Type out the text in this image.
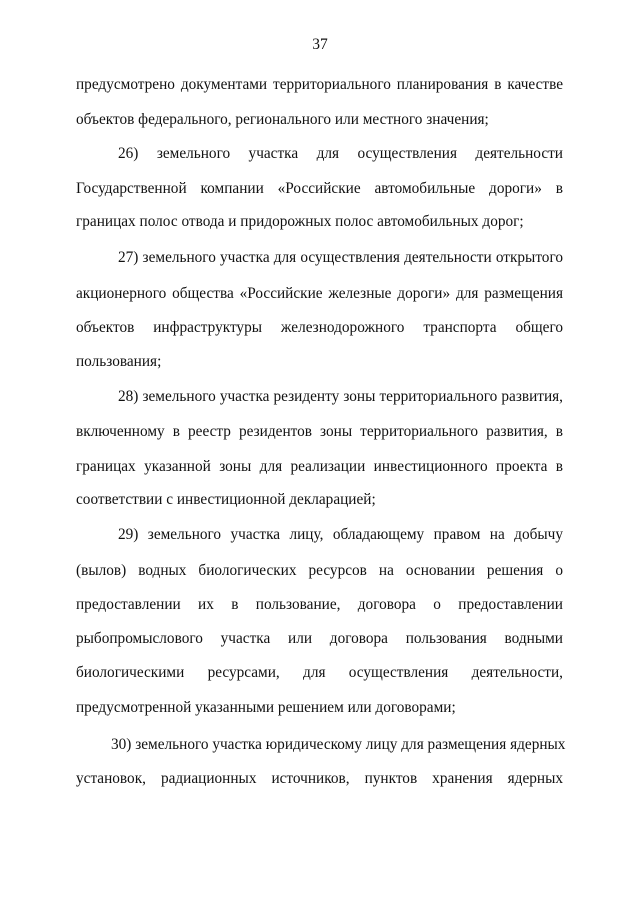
37
предусмотрено документами территориального планирования в качестве
объектов федерального, регионального или местного значения;
26) земельного участка для осуществления деятельности
Государственной компании «Российские автомобильные дороги» в
границах полос отвода и придорожных полос автомобильных дорог;
27) земельного участка для осуществления деятельности открытого
акционерного общества «Российские железные дороги» для размещения
объектов инфраструктуры железнодорожного транспорта общего
пользования;
28) земельного участка резиденту зоны территориального развития,
включенному в реестр резидентов зоны территориального развития, в
границах указанной зоны для реализации инвестиционного проекта в
соответствии с инвестиционной декларацией;
29) земельного участка лицу, обладающему правом на добычу
(вылов) водных биологических ресурсов на основании решения о
предоставлении их в пользование, договора о предоставлении
рыбопромыслового участка или договора пользования водными
биологическими ресурсами, для осуществления деятельности,
предусмотренной указанными решением или договорами;
30) земельного участка юридическому лицу для размещения ядерных
установок, радиационных источников, пунктов хранения ядерных
